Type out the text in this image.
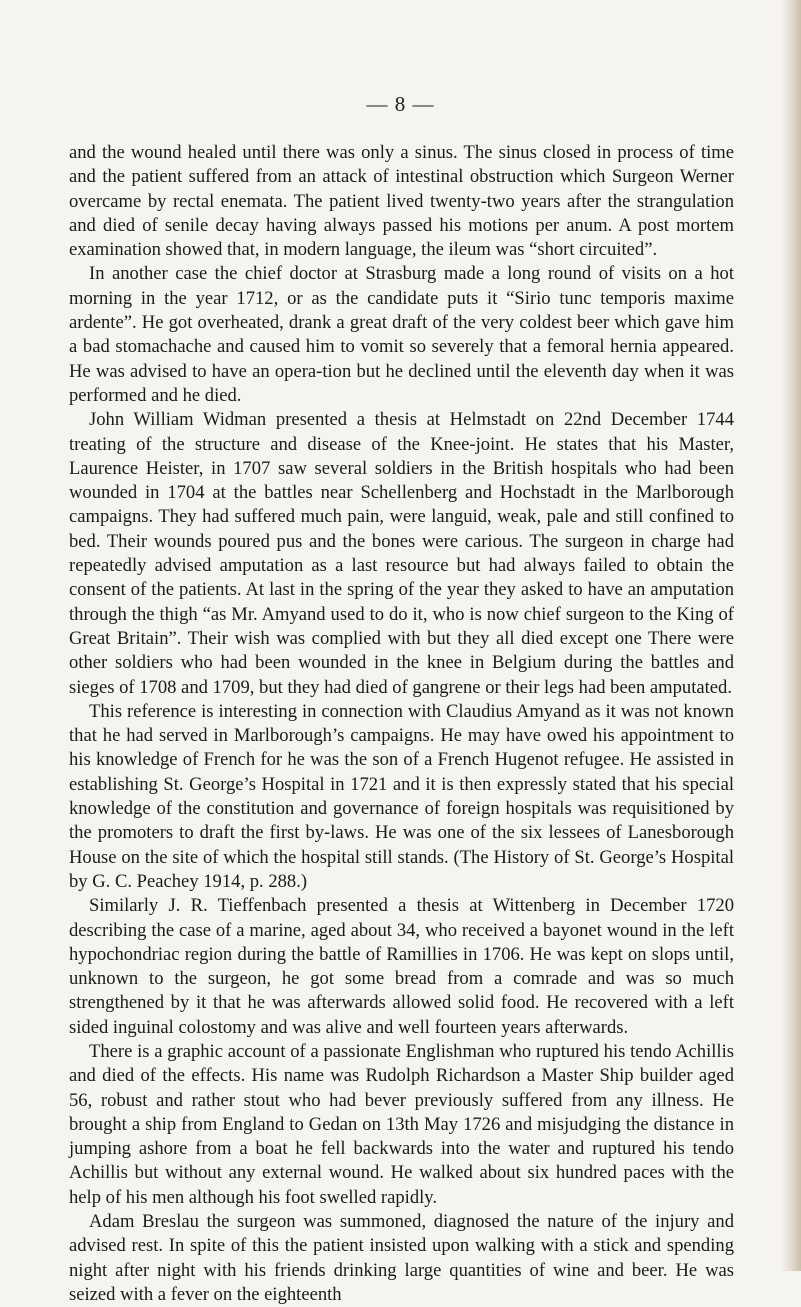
— 8 —

and the wound healed until there was only a sinus. The sinus closed in process of time and the patient suffered from an attack of intestinal obstruction which Surgeon Werner overcame by rectal enemata. The patient lived twenty-two years after the strangulation and died of senile decay having always passed his motions per anum. A post mortem examination showed that, in modern language, the ileum was “short circuited”.

In another case the chief doctor at Strasburg made a long round of visits on a hot morning in the year 1712, or as the candidate puts it “Sirio tunc temporis maxime ardente”. He got overheated, drank a great draft of the very coldest beer which gave him a bad stomachache and caused him to vomit so severely that a femoral hernia appeared. He was advised to have an opera-tion but he declined until the eleventh day when it was performed and he died.

John William Widman presented a thesis at Helmstadt on 22nd December 1744 treating of the structure and disease of the Knee-joint. He states that his Master, Laurence Heister, in 1707 saw several soldiers in the British hospitals who had been wounded in 1704 at the battles near Schellenberg and Hochstadt in the Marlborough campaigns. They had suffered much pain, were languid, weak, pale and still confined to bed. Their wounds poured pus and the bones were carious. The surgeon in charge had repeatedly advised amputation as a last resource but had always failed to obtain the consent of the patients. At last in the spring of the year they asked to have an amputation through the thigh “as Mr. Amyand used to do it, who is now chief surgeon to the King of Great Britain”. Their wish was complied with but they all died except one There were other soldiers who had been wounded in the knee in Belgium during the battles and sieges of 1708 and 1709, but they had died of gangrene or their legs had been amputated.

This reference is interesting in connection with Claudius Amyand as it was not known that he had served in Marlborough’s campaigns. He may have owed his appointment to his knowledge of French for he was the son of a French Hugenot refugee. He assisted in establishing St. George’s Hospital in 1721 and it is then expressly stated that his special knowledge of the constitution and governance of foreign hospitals was requisitioned by the promoters to draft the first by-laws. He was one of the six lessees of Lanesborough House on the site of which the hospital still stands. (The History of St. George’s Hospital by G. C. Peachey 1914, p. 288.)

Similarly J. R. Tieffenbach presented a thesis at Wittenberg in December 1720 describing the case of a marine, aged about 34, who received a bayonet wound in the left hypochondriac region during the battle of Ramillies in 1706. He was kept on slops until, unknown to the surgeon, he got some bread from a comrade and was so much strengthened by it that he was afterwards allowed solid food. He recovered with a left sided inguinal colostomy and was alive and well fourteen years afterwards.

There is a graphic account of a passionate Englishman who ruptured his tendo Achillis and died of the effects. His name was Rudolph Richardson a Master Ship builder aged 56, robust and rather stout who had bever previously suffered from any illness. He brought a ship from England to Gedan on 13th May 1726 and misjudging the distance in jumping ashore from a boat he fell backwards into the water and ruptured his tendo Achillis but without any external wound. He walked about six hundred paces with the help of his men although his foot swelled rapidly.

Adam Breslau the surgeon was summoned, diagnosed the nature of the injury and advised rest. In spite of this the patient insisted upon walking with a stick and spending night after night with his friends drinking large quantities of wine and beer. He was seized with a fever on the eighteenth
